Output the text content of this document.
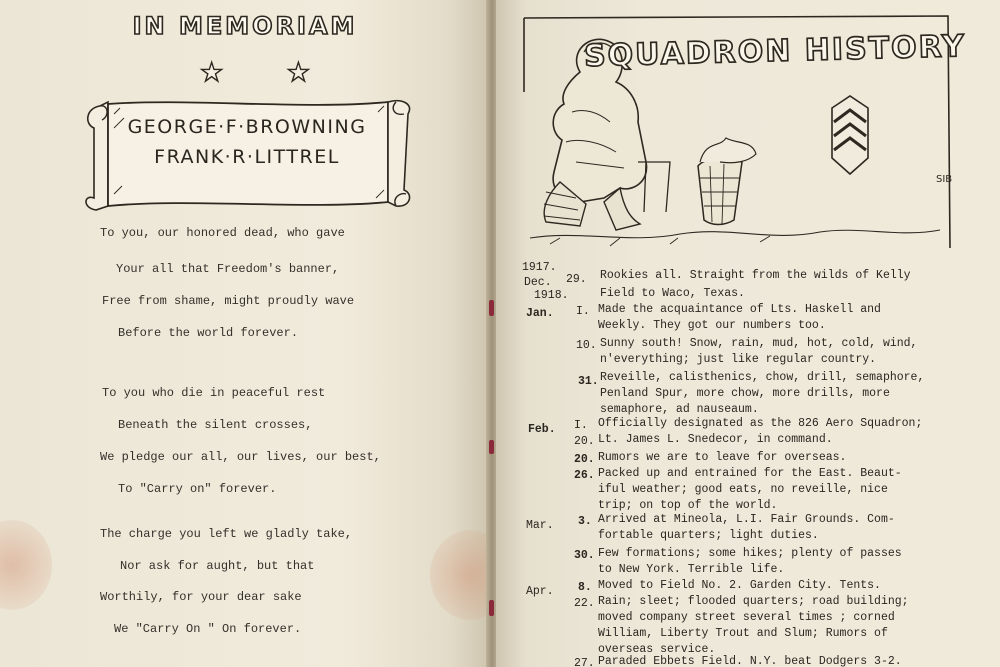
IN MEMORIAM
★ ★
GEORGE·F·BROWNING
FRANK·R·LITTREL
To you, our honored dead, who gave
Your all that Freedom's banner,
Free from shame, might proudly wave
Before the world forever.
To you who die in peaceful rest
Beneath the silent crosses,
We pledge our all, our lives, our best,
To "Carry on" forever.
The charge you left we gladly take,
Nor ask for aught, but that
Worthily, for your dear sake
We "Carry On " On forever.
SQUADRON HISTORY
SIB
1917.
Dec. 29. Rookies all. Straight from the wilds of Kelly
1918.	Field to Waco, Texas.
Jan. I. Made the acquaintance of Lts. Haskell and
Weekly. They got our numbers too.
10. Sunny south! Snow, rain, mud, hot, cold, wind,
n'everything; just like regular country.
31. Reveille, calisthenics, chow, drill, semaphore,
Penland Spur, more chow, more drills, more
semaphore, ad nauseaum.
Feb. I. Officially designated as the 826 Aero Squadron;
20. Lt. James L. Snedecor, in command.
20. Rumors we are to leave for overseas.
26. Packed up and entrained for the East. Beaut-
iful weather; good eats, no reveille, nice
trip; on top of the world.
Mar. 3. Arrived at Mineola, L.I. Fair Grounds. Com-
fortable quarters; light duties.
30. Few formations; some hikes; plenty of passes
to New York. Terrible life.
Apr. 8. Moved to Field No. 2. Garden City. Tents.
22. Rain; sleet; flooded quarters; road building;
moved company street several times ; corned
William, Liberty Trout and Slum; Rumors of
overseas service.
27. Paraded Ebbets Field. N.Y. beat Dodgers 3-2.
